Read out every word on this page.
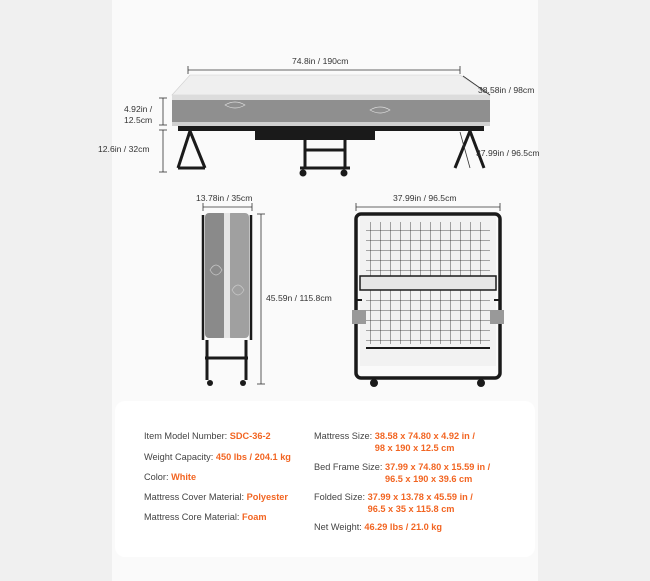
74.8in / 190cm
38.58in / 98cm
4.92in /
12.5cm
12.6in / 32cm	37.99in / 96.5cm
13.78in / 35cm
45.59n / 115.8cm
37.99in / 96.5cm
Item Model Number: SDC-36-2
Weight Capacity: 450 lbs / 204.1 kg
Color: White
Mattress Cover Material: Polyester
Mattress Core Material: Foam
Mattress Size: 38.58 x 74.80 x 4.92 in /
98 x 190 x 12.5 cm
Bed Frame Size: 37.99 x 74.80 x 15.59 in /
96.5 x 190 x 39.6 cm
Folded Size: 37.99 x 13.78 x 45.59 in /
96.5 x 35 x 115.8 cm
Net Weight: 46.29 lbs / 21.0 kg
